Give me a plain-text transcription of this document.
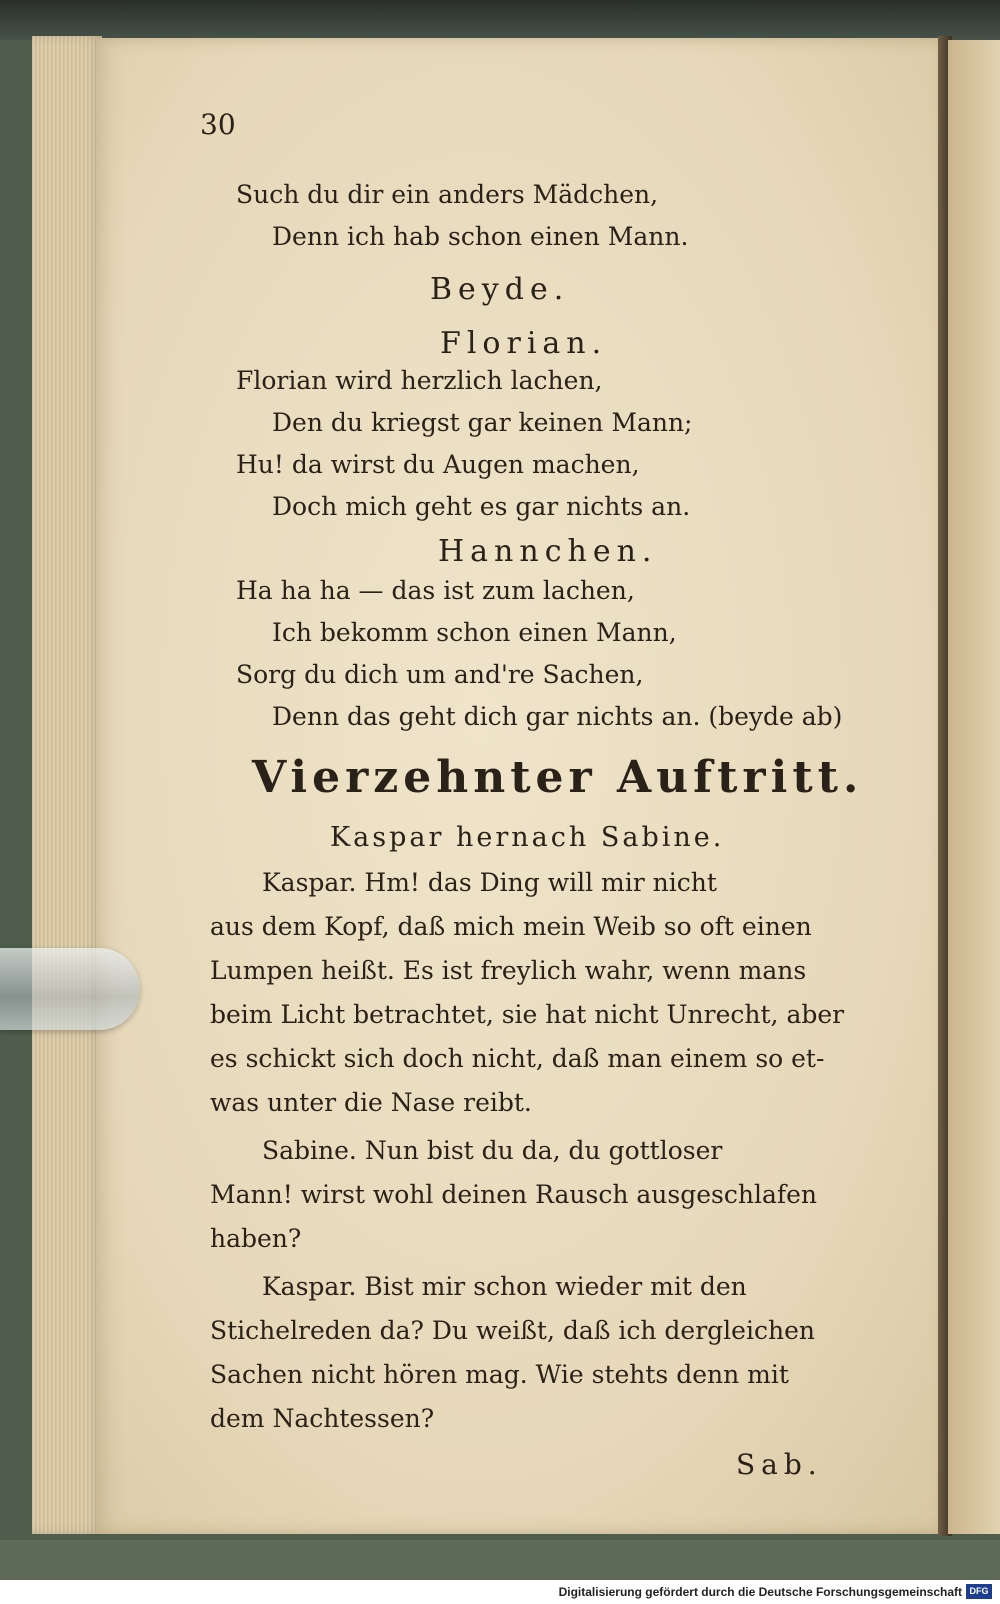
30
Such du dir ein anders Mädchen,
Denn ich hab schon einen Mann.
Beyde.
Florian.
Florian wird herzlich lachen,
Den du kriegst gar keinen Mann;
Hu! da wirst du Augen machen,
Doch mich geht es gar nichts an.
Hannchen.
Ha ha ha — das ist zum lachen,
Ich bekomm schon einen Mann,
Sorg du dich um and're Sachen,
Denn das geht dich gar nichts an. (beyde ab)
Vierzehnter Auftritt.
Kaspar hernach Sabine.
Kaspar. Hm! das Ding will mir nicht
aus dem Kopf, daß mich mein Weib so oft einen
Lumpen heißt. Es ist freylich wahr, wenn mans
beim Licht betrachtet, sie hat nicht Unrecht, aber
es schickt sich doch nicht, daß man einem so et-
was unter die Nase reibt.
Sabine. Nun bist du da, du gottloser
Mann! wirst wohl deinen Rausch ausgeschlafen
haben?
Kaspar. Bist mir schon wieder mit den
Stichelreden da? Du weißt, daß ich dergleichen
Sachen nicht hören mag. Wie stehts denn mit
dem Nachtessen?
Sab.
Digitalisierung gefördert durch die Deutsche Forschungsgemeinschaft DFG
